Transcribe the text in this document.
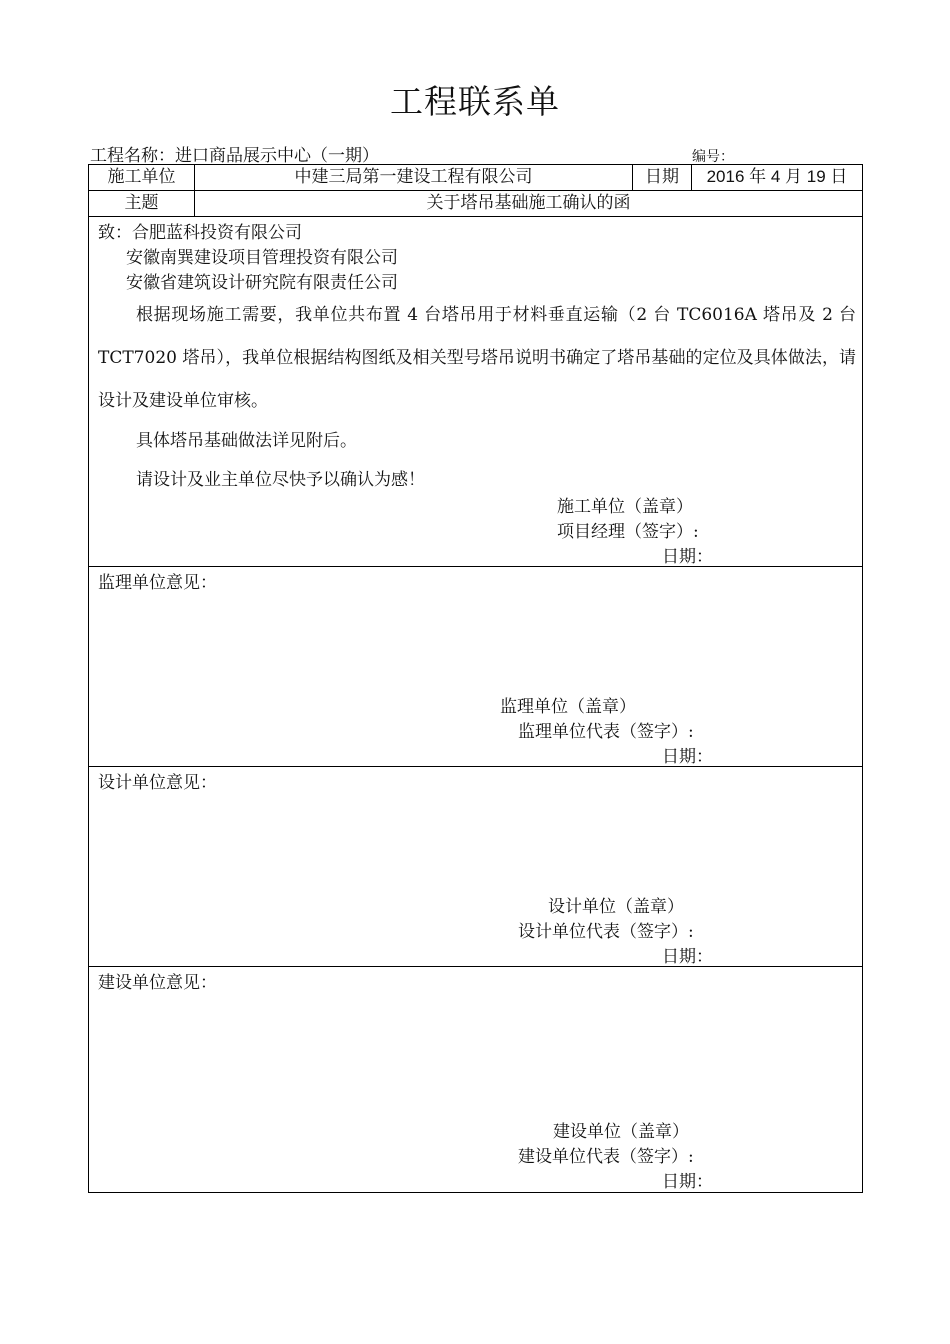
工程联系单
工程名称：进口商品展示中心（一期）	编号：
施工单位	中建三局第一建设工程有限公司	日期	2016 年 4 月 19 日
主题	关于塔吊基础施工确认的函
致：合肥蓝科投资有限公司
安徽南巽建设项目管理投资有限公司
安徽省建筑设计研究院有限责任公司
根据现场施工需要，我单位共布置 4 台塔吊用于材料垂直运输（2 台 TC6016A 塔吊及 2 台 TCT7020 塔吊），我单位根据结构图纸及相关型号塔吊说明书确定了塔吊基础的定位及具体做法，请设计及建设单位审核。
具体塔吊基础做法详见附后。
请设计及业主单位尽快予以确认为感！
施工单位（盖章）
项目经理（签字）:
日期：
监理单位意见：
监理单位（盖章）
监理单位代表（签字）:
日期：
设计单位意见：
设计单位（盖章）
设计单位代表（签字）:
日期：
建设单位意见：
建设单位（盖章）
建设单位代表（签字）:
日期：
